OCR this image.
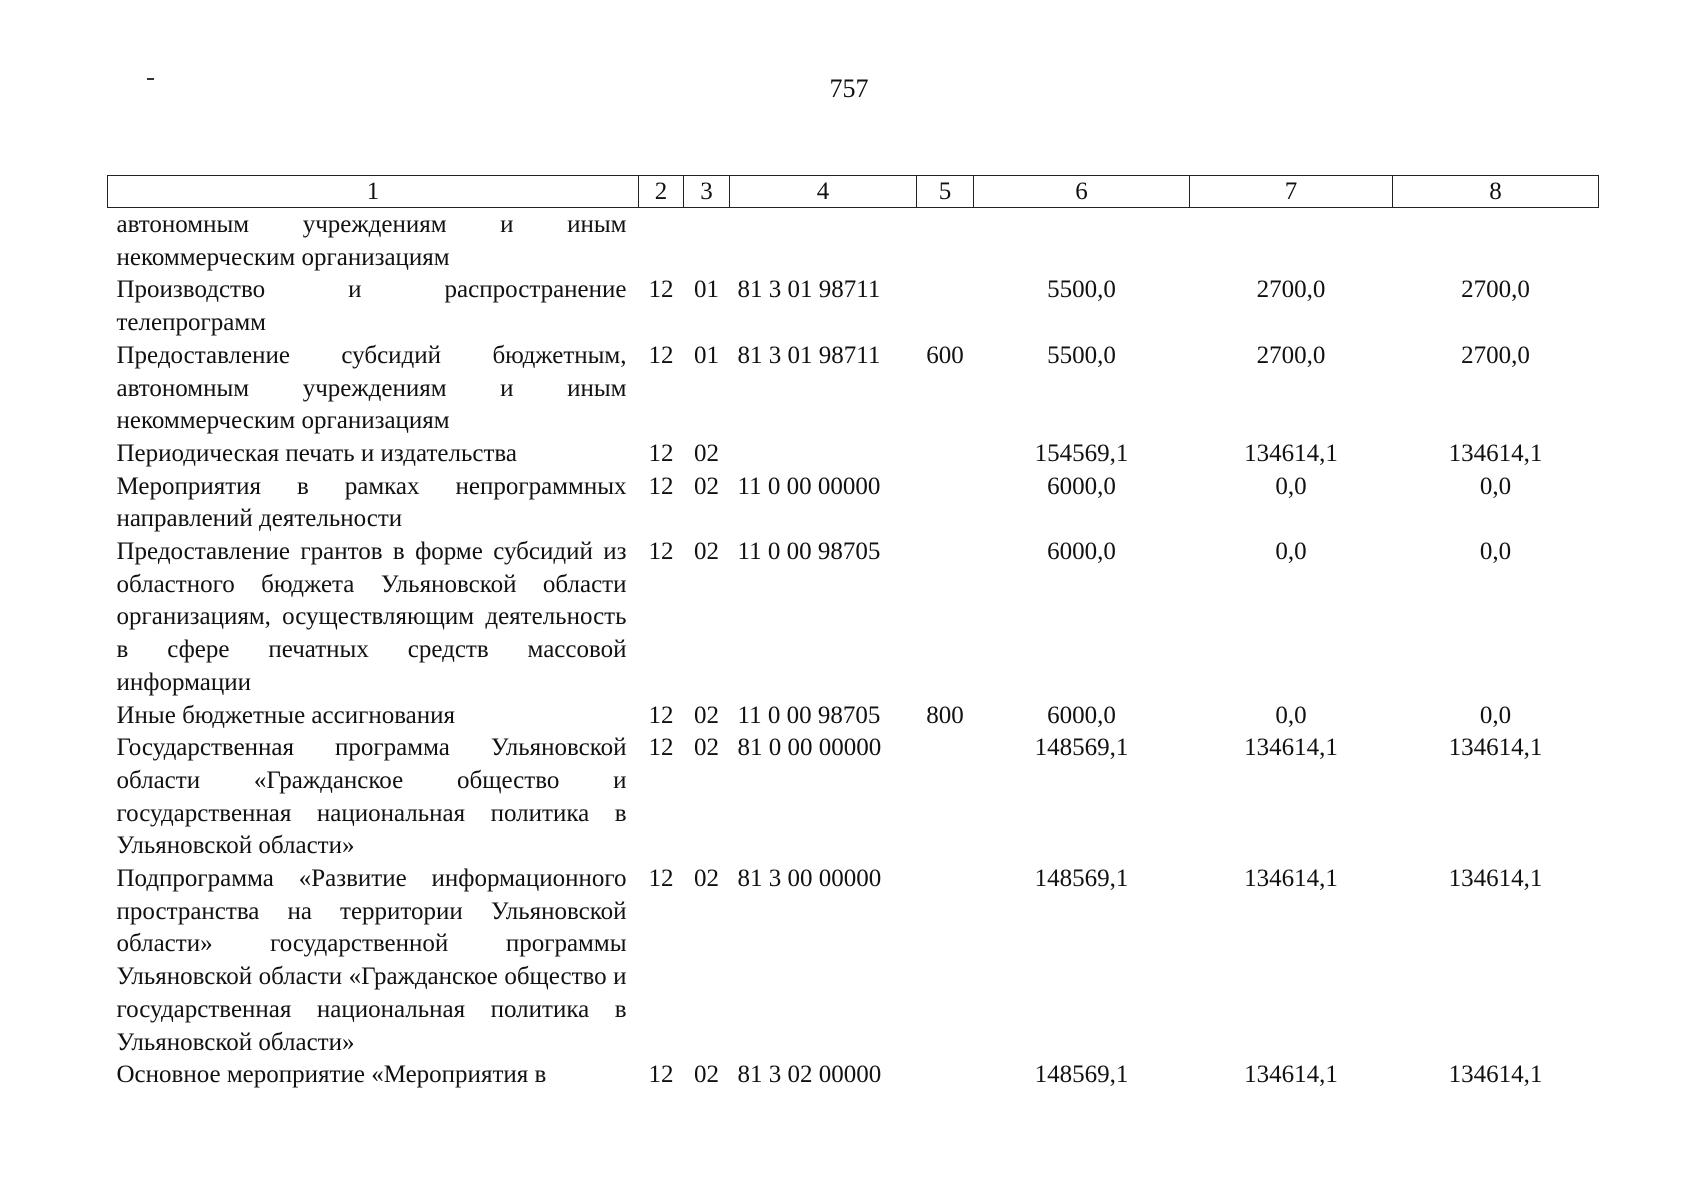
757
1	2	3	4	5	6	7	8
автономным учреждениям и иным некоммерческим организациям							
Производство и распространение телепрограмм	12	01	81 3 01 98711		5500,0	2700,0	2700,0
Предоставление субсидий бюджетным, автономным учреждениям и иным некоммерческим организациям	12	01	81 3 01 98711	600	5500,0	2700,0	2700,0
Периодическая печать и издательства	12	02			154569,1	134614,1	134614,1
Мероприятия в рамках непрограммных направлений деятельности	12	02	11 0 00 00000		6000,0	0,0	0,0
Предоставление грантов в форме субсидий из областного бюджета Ульяновской области организациям, осуществляющим деятельность в сфере печатных средств массовой информации	12	02	11 0 00 98705		6000,0	0,0	0,0
Иные бюджетные ассигнования	12	02	11 0 00 98705	800	6000,0	0,0	0,0
Государственная программа Ульяновской области «Гражданское общество и государственная национальная политика в Ульяновской области»	12	02	81 0 00 00000		148569,1	134614,1	134614,1
Подпрограмма «Развитие информационного пространства на территории Ульяновской области» государственной программы Ульяновской области «Гражданское общество и государственная национальная политика в Ульяновской области»	12	02	81 3 00 00000		148569,1	134614,1	134614,1
Основное мероприятие «Мероприятия в	12	02	81 3 02 00000		148569,1	134614,1	134614,1
